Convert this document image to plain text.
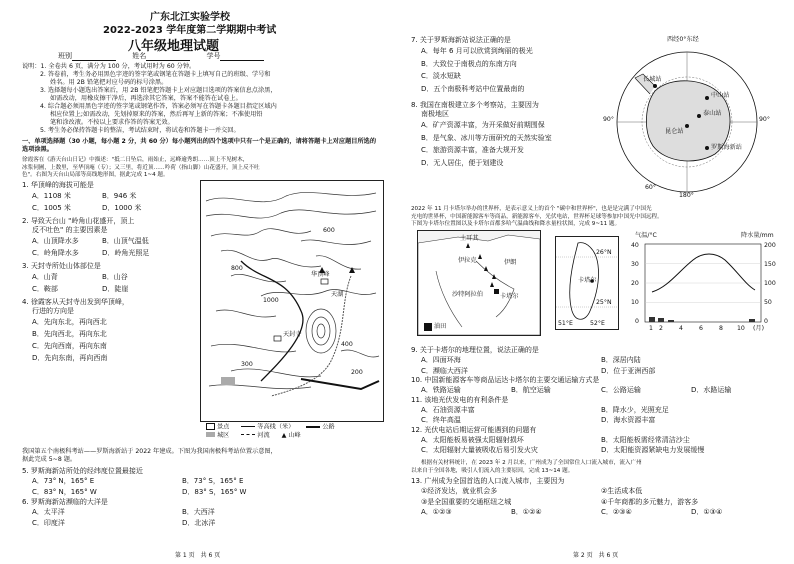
广东北江实验学校
2022-2023 学年度第二学期期中考试
八年级地理试题
班别	姓名	学号
说明：1. 全卷共 6 页，满分为 100 分，考试用时为 60 分钟。
2. 答卷前，考生务必用黑色字迹的签字笔或钢笔在答题卡上填写自己的班级、学号和
姓名。用 2B 铅笔把对应号码的标号涂黑。
3. 选择题每小题选出答案后，用 2B 铅笔把答题卡上对应题目选项的答案信息点涂黑，
如需改动，用橡皮擦干净后，再选涂其它答案，答案不能答在试卷上。
4. 综合题必须用黑色字迹的签字笔或钢笔作答，答案必须写在答题卡各题目指定区域内
相应位置上;如需改动，先划掉原来的答案，然后再写上新的答案；不准使用铅
笔和涂改液。不按以上要求作答的答案无效。
5. 考生务必保持答题卡的整洁，考试结束时，将试卷和答题卡一并交回。
一、单项选择题（30 小题，每小题 2 分，共 60 分）每小题列出的四个选项中只有一个是正确的，请将答题卡上对应题目所选的选项涂黑。
徐霞客在《游天台山日记》中描述："抵二日坠后，雨始止，远峰逾秀朗……顶上不见树木，
冰浆伺圃，上数里，至华顶庵（专）；又三里，将近顶……吟荷（指山脚）山花盛开，顶上反不吐
色"。右图为天台山局部等高线地形图，据此完成 1~4 题。
1. 华顶峰的海拔可能是
A．1108 米	B．946 米
C．1005 米	D．1000 米
2. 导致天台山 "岭角山花盛开，顶上
反不吐色" 的主要因素是
A．山顶降水多	B．山顶气温低
C．岭角降水多	D．岭角光照足
3. 天封寺所处山体部位是
A．山背	B．山谷
C．鞍部	D．陡崖
4. 徐霞客从天封寺出发到华顶峰，
行进的方向是
A．先向东北，再向西北
B．先向西北，再向东北
C．先向西南，再向东南
D．先向东南，再向西南
华顶峰
天湖
天封寺
600
800
1000
400
300
200
景点	等高线（米）	公路
城区	河流 ▲ 山峰
我国第五个南极科考站——罗斯海新站于 2022 年建成。下图为我国南极科考站位置示意图，
据此完成 5~8 题。
5. 罗斯海新站所处的经纬度位置最接近
A．73° N，165° E	B．73° S，165° E
C．83° N，165° W	D．83° S，165° W
6. 罗斯海新站濒临的大洋是
A．太平洋	B．大西洋
C．印度洋	D．北冰洋
第 1 页　共 6 页
7. 关于罗斯海新站说法正确的是
A．每年 6 月可以欣赏到绚丽的极光
B．大致位于南极点的东南方向
C．淡水短缺
D．五个南极科考站中位置最南的
8. 我国在南极建立多个考察站，主要因为
南极地区
A．矿产资源丰富，为开采做好前期围保
B．是气象、冰川等方面研究的天然实验室
C．旅游资源丰富，准备大规开发
D．无人居住，便于划建设
西经0°东经
长城站
中山站
泰山站
昆仑站
罗斯海新站
90°	90°
60°
180°
2022 年 11 月卡塔尔举办的世界杯，是表示意义上的首个 "碳中和世界杯"，也是是完满了中国光
充电的世界杯，中国新能源客车等商品，新能源客车，光伏电站，世界杯足球等参加中国光中国远程。
下图为卡塔尔位置图以及卡塔尔首都多哈气温曲线和降水量柱状图，完成 9~11 题。
土耳其
伊拉克	伊朗
沙特阿拉伯	卡塔尔
油田
卡塔尔
26°N
25°N
51°E	52°E
气温/°C	降水量/mm
40
30
20
10
0
200
150
100
50
0
1 2	4	6	8 10 (月)
9. 关于卡塔尔的地理位置，说法正确的是
A．四面环海	B．深居内陆
C．濒临大西洋	D．位于亚洲西部
10. 中国新能源客车等商品运达卡塔尔的主要交通运输方式是
A．铁路运输	B．航空运输	C．公路运输	D．水路运输
11. 该地光伏发电的有利条件是
A．石油资源丰富	B．降水少，光照充足
C．终年高温	D．海水资源丰富
12. 光伏电站后期运营可能遇到的问题有
A．太阳能板易被强太阳辐射损坏	B．太阳能板需经常清洁沙尘
C．太阳辐射大量被吸收后易引发火灾	D．太阳能资源紧缺电力发展缓慢
根据有关材料统计，在 2023 年 2 月以来，广州成为了全国常住人口流入城市，流入广州
以来自于全国各地，吸引人们流入的主要原因，完成 13~14 题。
13. 广州成为全国首选的人口流入城市，主要因为
①经济发达，就业机会多	②生活成本低
③是全国重要的交通枢纽之城	④千年商都的多元魅力，游客多
A．①②③	B．①②④	C．②③④	D．①③④
第 2 页　共 6 页
